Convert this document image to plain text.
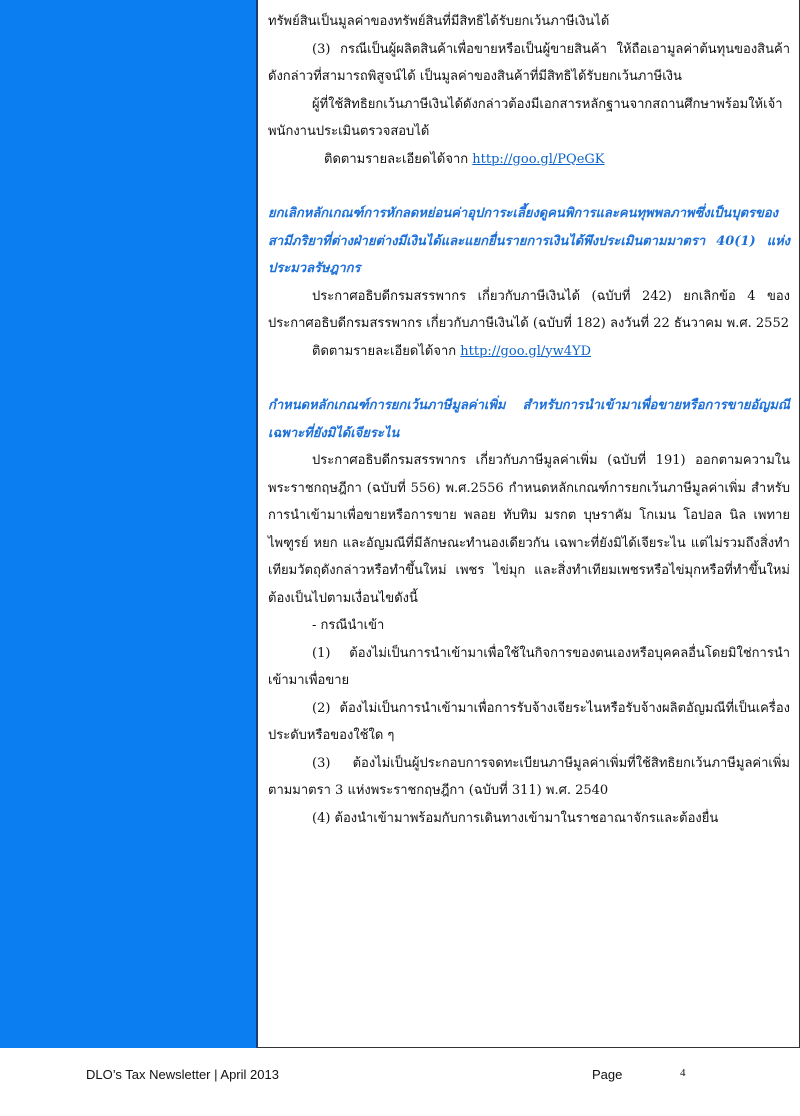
ทรัพย์สินเป็นมูลค่าของทรัพย์สินที่มีสิทธิได้รับยกเว้นภาษีเงินได้

(3) กรณีเป็นผู้ผลิตสินค้าเพื่อขายหรือเป็นผู้ขายสินค้า ให้ถือเอามูลค่าต้นทุนของสินค้าดังกล่าวที่สามารถพิสูจน์ได้ เป็นมูลค่าของสินค้าที่มีสิทธิได้รับยกเว้นภาษีเงิน

ผู้ที่ใช้สิทธิยกเว้นภาษีเงินได้ดังกล่าวต้องมีเอกสารหลักฐานจากสถานศึกษาพร้อมให้เจ้าพนักงานประเมินตรวจสอบได้

ติดตามรายละเอียดได้จาก http://goo.gl/PQeGK

ยกเลิกหลักเกณฑ์การหักลดหย่อนค่าอุปการะเลี้ยงดูคนพิการและคนทุพพลภาพซึ่งเป็นบุตรของสามีภริยาที่ต่างฝ่ายต่างมีเงินได้และแยกยื่นรายการเงินได้พึงประเมินตามมาตรา 40(1) แห่งประมวลรัษฎากร

ประกาศอธิบดีกรมสรรพากร เกี่ยวกับภาษีเงินได้ (ฉบับที่ 242) ยกเลิกข้อ 4 ของประกาศอธิบดีกรมสรรพากร เกี่ยวกับภาษีเงินได้ (ฉบับที่ 182) ลงวันที่ 22 ธันวาคม พ.ศ. 2552

ติดตามรายละเอียดได้จาก http://goo.gl/yw4YD

กำหนดหลักเกณฑ์การยกเว้นภาษีมูลค่าเพิ่ม สำหรับการนำเข้ามาเพื่อขายหรือการขายอัญมณี เฉพาะที่ยังมิได้เจียระไน

ประกาศอธิบดีกรมสรรพากร เกี่ยวกับภาษีมูลค่าเพิ่ม (ฉบับที่ 191) ออกตามความในพระราชกฤษฎีกา (ฉบับที่ 556) พ.ศ.2556 กำหนดหลักเกณฑ์การยกเว้นภาษีมูลค่าเพิ่ม สำหรับการนำเข้ามาเพื่อขายหรือการขาย พลอย ทับทิม มรกต บุษราคัม โกเมน โอปอล นิล เพทาย ไพฑูรย์ หยก และอัญมณีที่มีลักษณะทำนองเดียวกัน เฉพาะที่ยังมิได้เจียระไน แต่ไม่รวมถึงสิ่งทำเทียมวัตถุดังกล่าวหรือทำขึ้นใหม่ เพชร ไข่มุก และสิ่งทำเทียมเพชรหรือไข่มุกหรือที่ทำขึ้นใหม่ ต้องเป็นไปตามเงื่อนไขดังนี้

- กรณีนำเข้า

(1) ต้องไม่เป็นการนำเข้ามาเพื่อใช้ในกิจการของตนเองหรือบุคคลอื่นโดยมิใช่การนำเข้ามาเพื่อขาย

(2) ต้องไม่เป็นการนำเข้ามาเพื่อการรับจ้างเจียระไนหรือรับจ้างผลิตอัญมณีที่เป็นเครื่องประดับหรือของใช้ใด ๆ

(3) ต้องไม่เป็นผู้ประกอบการจดทะเบียนภาษีมูลค่าเพิ่มที่ใช้สิทธิยกเว้นภาษีมูลค่าเพิ่มตามมาตรา 3 แห่งพระราชกฤษฎีกา (ฉบับที่ 311) พ.ศ. 2540

(4) ต้องนำเข้ามาพร้อมกับการเดินทางเข้ามาในราชอาณาจักรและต้องยื่น

DLO’s Tax Newsletter | April 2013	Page	4
